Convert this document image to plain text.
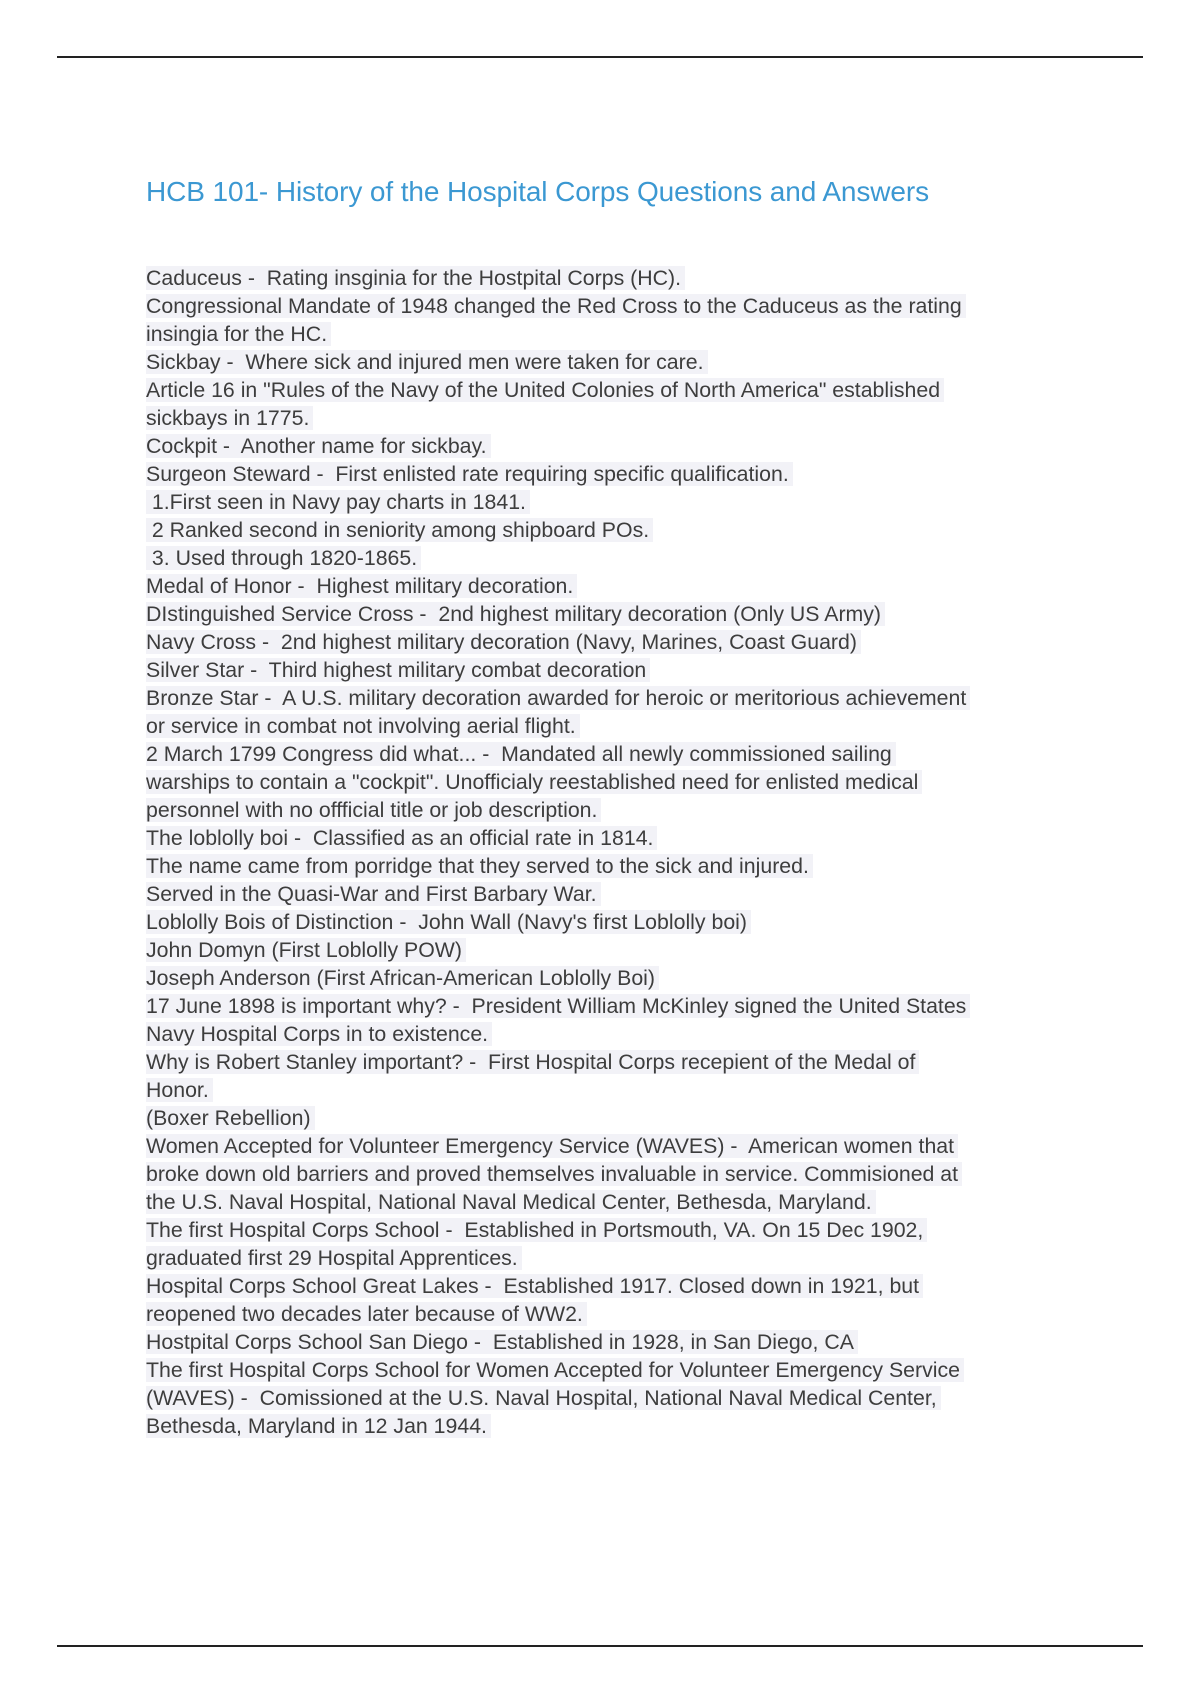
HCB 101- History of the Hospital Corps Questions and Answers
Caduceus -  Rating insginia for the Hostpital Corps (HC).
Congressional Mandate of 1948 changed the Red Cross to the Caduceus as the rating
insingia for the HC.
Sickbay -  Where sick and injured men were taken for care.
Article 16 in "Rules of the Navy of the United Colonies of North America" established
sickbays in 1775.
Cockpit -  Another name for sickbay.
Surgeon Steward -  First enlisted rate requiring specific qualification.
1.First seen in Navy pay charts in 1841.
2 Ranked second in seniority among shipboard POs.
3. Used through 1820-1865.
Medal of Honor -  Highest military decoration.
DIstinguished Service Cross -  2nd highest military decoration (Only US Army)
Navy Cross -  2nd highest military decoration (Navy, Marines, Coast Guard)
Silver Star -  Third highest military combat decoration
Bronze Star -  A U.S. military decoration awarded for heroic or meritorious achievement
or service in combat not involving aerial flight.
2 March 1799 Congress did what... -  Mandated all newly commissioned sailing
warships to contain a "cockpit". Unofficialy reestablished need for enlisted medical
personnel with no offficial title or job description.
The loblolly boi -  Classified as an official rate in 1814.
The name came from porridge that they served to the sick and injured.
Served in the Quasi-War and First Barbary War.
Loblolly Bois of Distinction -  John Wall (Navy's first Loblolly boi)
John Domyn (First Loblolly POW)
Joseph Anderson (First African-American Loblolly Boi)
17 June 1898 is important why? -  President William McKinley signed the United States
Navy Hospital Corps in to existence.
Why is Robert Stanley important? -  First Hospital Corps recepient of the Medal of
Honor.
(Boxer Rebellion)
Women Accepted for Volunteer Emergency Service (WAVES) -  American women that
broke down old barriers and proved themselves invaluable in service. Commisioned at
the U.S. Naval Hospital, National Naval Medical Center, Bethesda, Maryland.
The first Hospital Corps School -  Established in Portsmouth, VA. On 15 Dec 1902,
graduated first 29 Hospital Apprentices.
Hospital Corps School Great Lakes -  Established 1917. Closed down in 1921, but
reopened two decades later because of WW2.
Hostpital Corps School San Diego -  Established in 1928, in San Diego, CA
The first Hospital Corps School for Women Accepted for Volunteer Emergency Service
(WAVES) -  Comissioned at the U.S. Naval Hospital, National Naval Medical Center,
Bethesda, Maryland in 12 Jan 1944.
